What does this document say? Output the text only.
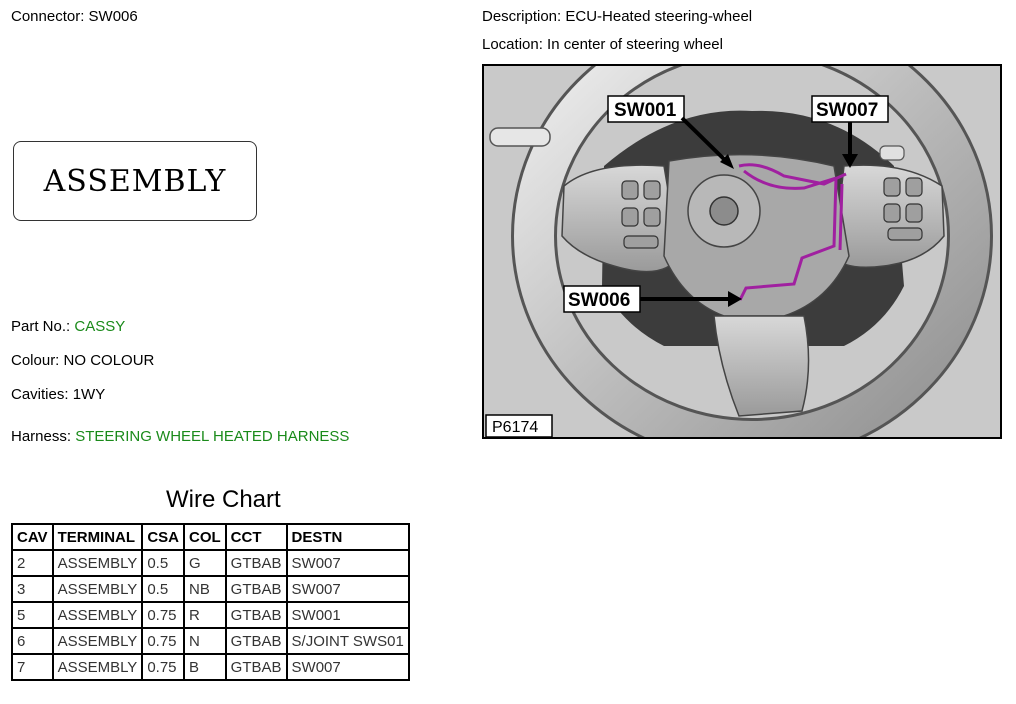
Connector: SW006	Description: ECU-Heated steering-wheel
Location: In center of steering wheel
ASSEMBLY
Part No.: CASSY
Colour: NO COLOUR
Cavities: 1WY
Harness: STEERING WHEEL HEATED HARNESS
Wire Chart
CAV	TERMINAL	CSA	COL	CCT	DESTN
2	ASSEMBLY	0.5	G	GTBAB	SW007
3	ASSEMBLY	0.5	NB	GTBAB	SW007
5	ASSEMBLY	0.75	R	GTBAB	SW001
6	ASSEMBLY	0.75	N	GTBAB	S/JOINT SWS01
7	ASSEMBLY	0.75	B	GTBAB	SW007
SW001	SW007
SW006
P6174
